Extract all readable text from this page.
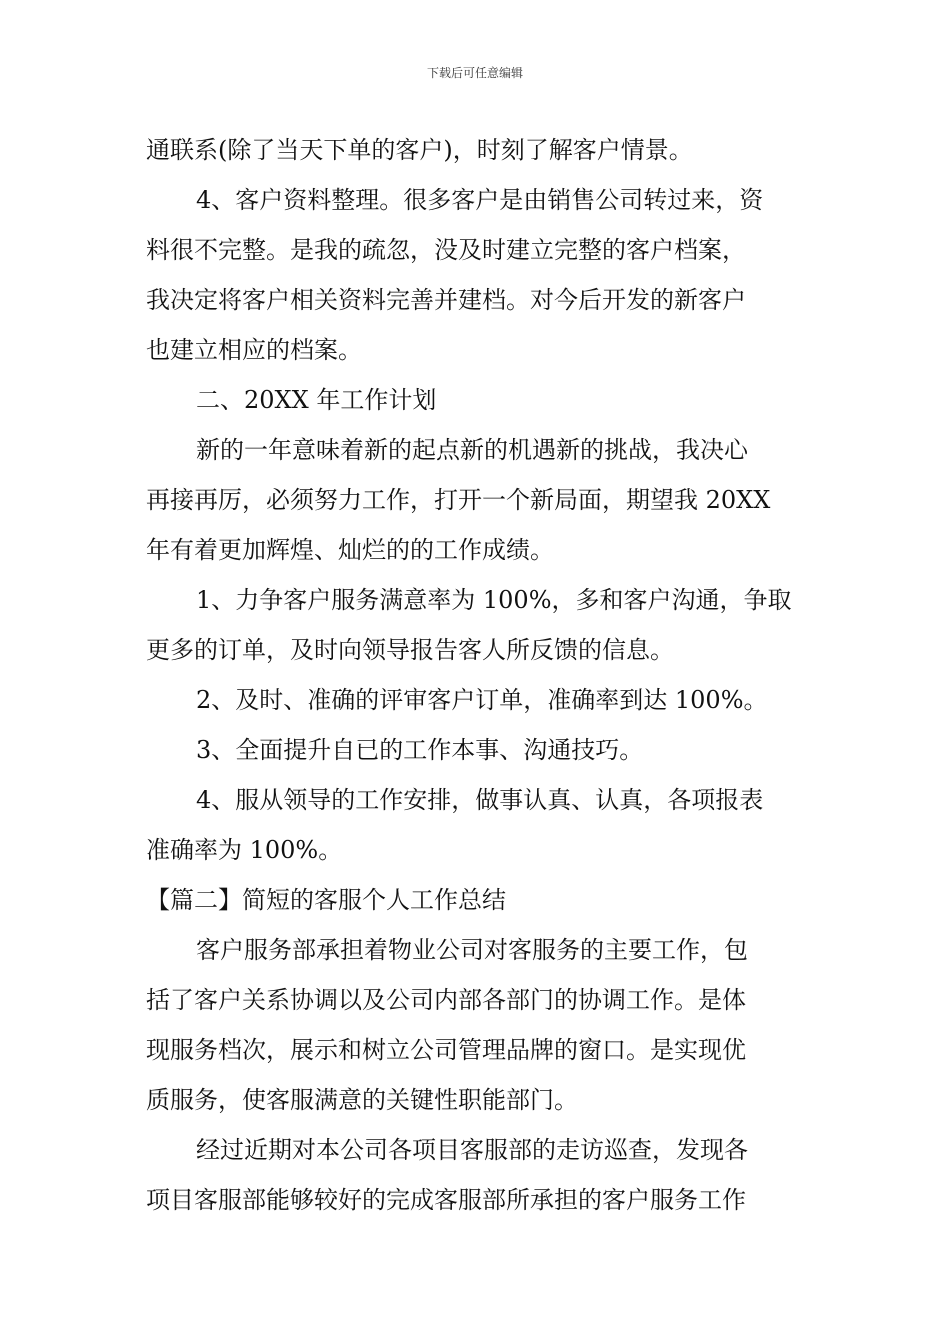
下载后可任意编辑
通联系(除了当天下单的客户)，时刻了解客户情景。
4、客户资料整理。很多客户是由销售公司转过来，资
料很不完整。是我的疏忽，没及时建立完整的客户档案，
我决定将客户相关资料完善并建档。对今后开发的新客户
也建立相应的档案。
二、20XX 年工作计划
新的一年意味着新的起点新的机遇新的挑战，我决心
再接再厉，必须努力工作，打开一个新局面，期望我 20XX
年有着更加辉煌、灿烂的的工作成绩。
1、力争客户服务满意率为 100%，多和客户沟通，争取
更多的订单，及时向领导报告客人所反馈的信息。
2、及时、准确的评审客户订单，准确率到达 100%。
3、全面提升自已的工作本事、沟通技巧。
4、服从领导的工作安排，做事认真、认真，各项报表
准确率为 100%。
【篇二】简短的客服个人工作总结
客户服务部承担着物业公司对客服务的主要工作，包
括了客户关系协调以及公司内部各部门的协调工作。是体
现服务档次，展示和树立公司管理品牌的窗口。是实现优
质服务，使客服满意的关键性职能部门。
经过近期对本公司各项目客服部的走访巡查，发现各
项目客服部能够较好的完成客服部所承担的客户服务工作
